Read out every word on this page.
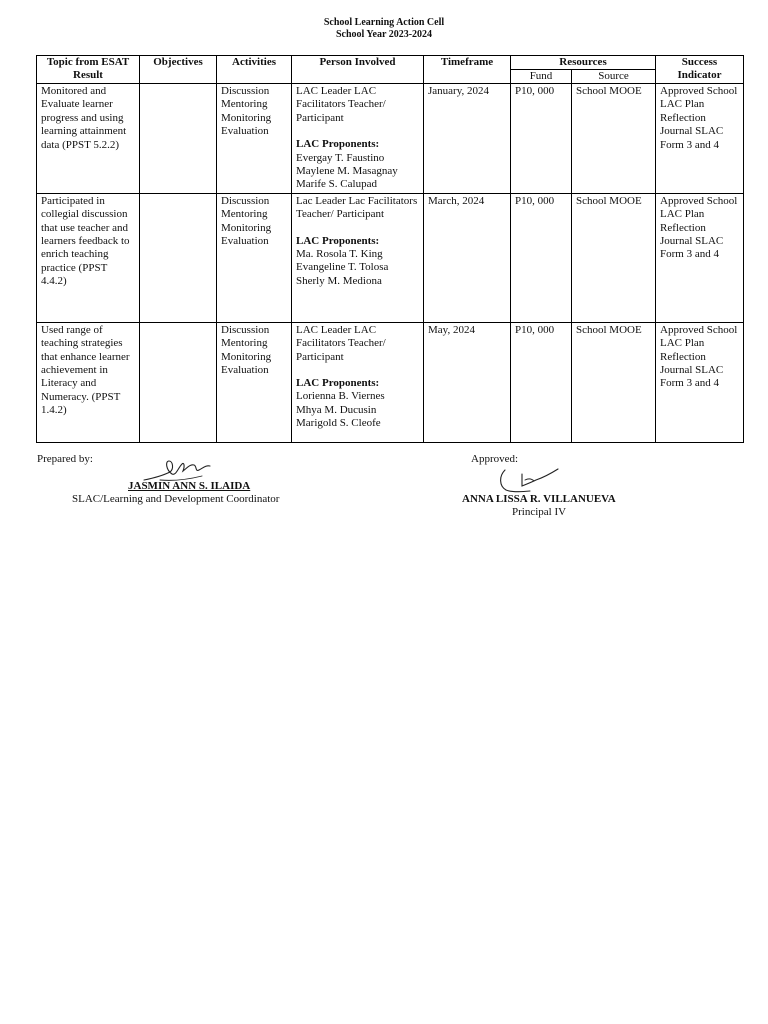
School Learning Action Cell
School Year 2023-2024
Topic from ESAT Result	Objectives	Activities	Person Involved	Timeframe	Resources		Success Indicator
					Fund	Source	
Monitored and Evaluate learner progress and using learning attainment data (PPST 5.2.2)		Discussion
Mentoring
Monitoring
Evaluation	LAC Leader LAC Facilitators Teacher/ Participant
LAC Proponents:
Evergay T. Faustino
Maylene M. Masagnay
Marife S. Calupad	January, 2024	P10, 000	School MOOE	Approved School LAC Plan Reflection Journal SLAC Form 3 and 4
Participated in collegial discussion that use teacher and learners feedback to enrich teaching practice (PPST 4.4.2)		Discussion
Mentoring
Monitoring
Evaluation	Lac Leader Lac Facilitators Teacher/ Participant
LAC Proponents:
Ma. Rosola T. King
Evangeline T. Tolosa
Sherly M. Mediona	March, 2024	P10, 000	School MOOE	Approved School LAC Plan Reflection Journal SLAC Form 3 and 4
Used range of teaching strategies that enhance learner achievement in Literacy and Numeracy. (PPST 1.4.2)		Discussion
Mentoring
Monitoring
Evaluation	LAC Leader LAC Facilitators Teacher/ Participant
LAC Proponents:
Lorienna B. Viernes
Mhya M. Ducusin
Marigold S. Cleofe	May, 2024	P10, 000	School MOOE	Approved School LAC Plan Reflection Journal SLAC Form 3 and 4
Prepared by:
JASMIN ANN S. ILAIDA
SLAC/Learning and Development Coordinator
Approved:
ANNA LISSA R. VILLANUEVA
Principal IV
